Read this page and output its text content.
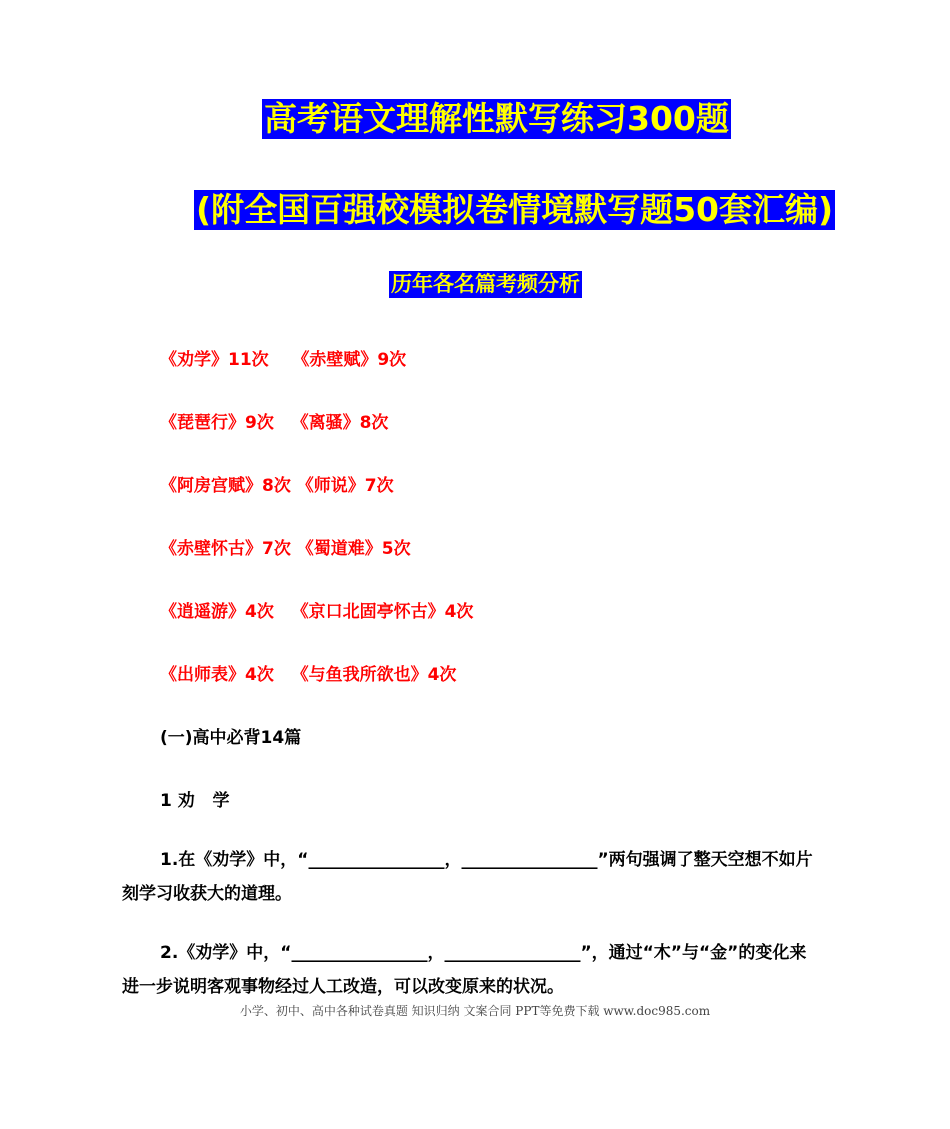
高考语文理解性默写练习300题
(附全国百强校模拟卷情境默写题50套汇编)
历年各名篇考频分析
《劝学》11次    《赤壁赋》9次
《琵琶行》9次   《离骚》8次
《阿房宫赋》8次 《师说》7次
《赤壁怀古》7次 《蜀道难》5次
《逍遥游》4次   《京口北固亭怀古》4次
《出师表》4次   《与鱼我所欲也》4次
(一)高中必背14篇
1 劝   学
1.在《劝学》中，“________________，________________”两句强调了整天空想不如片刻学习收获大的道理。
2.《劝学》中，“________________，________________”，通过“木”与“金”的变化来进一步说明客观事物经过人工改造，可以改变原来的状况。
小学、初中、高中各种试卷真题 知识归纳 文案合同 PPT等免费下载 www.doc985.com
